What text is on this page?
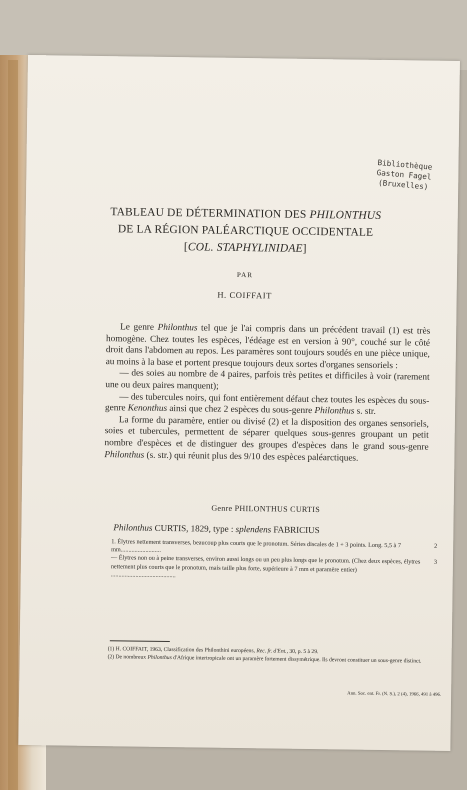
Bibliothèque
Gaston Fagel
(Bruxelles)
TABLEAU DE DÉTERMINATION DES PHILONTHUS
DE LA RÉGION PALÉARCTIQUE OCCIDENTALE
[COL. STAPHYLINIDAE]
PAR
H. COIFFAIT

Le genre Philonthus tel que je l'ai compris dans un précédent travail (1) est très homogène. Chez toutes les espèces, l'édéage est en version à 90°, couché sur le côté droit dans l'abdomen au repos. Les paramères sont toujours soudés en une pièce unique, au moins à la base et portent presque toujours deux sortes d'organes sensoriels :

— des soies au nombre de 4 paires, parfois très petites et difficiles à voir (rarement une ou deux paires manquent);

— des tubercules noirs, qui font entièrement défaut chez toutes les espèces du sous-genre Kenonthus ainsi que chez 2 espèces du sous-genre Philonthus s. str.

La forme du paramère, entier ou divisé (2) et la disposition des organes sensoriels, soies et tubercules, permettent de séparer quelques sous-genres groupant un petit nombre d'espèces et de distinguer des groupes d'espèces dans le grand sous-genre Philonthus (s. str.) qui réunit plus des 9/10 des espèces paléarctiques.

Genre PHILONTHUS CURTIS
Philonthus CURTIS, 1829, type : splendens FABRICIUS
1. Élytres nettement transverses, beaucoup plus courts que le pronotum. Séries discales de 1 + 3 points. Long. 5,5 à 7 mm..........................
2
— Élytres non ou à peine transverses, environ aussi longs ou un peu plus longs que le pronotum. (Chez deux espèces, élytres nettement plus courts que le pronotum, mais taille plus forte, supérieure à 7 mm et paramère entier) ..........................................
3
(1) H. COIFFAIT, 1963, Classification des Philonthini européens, Rec. fr. d'Ent., 30, p. 5 à 29.
(2) De nombreux Philonthus d'Afrique intertropicale ont un paramère fortement dissymétrique. Ils devront constituer un sous-genre distinct.
Ann. Soc. ent. Fr. (N. S.), 2 (4), 1966, 491 à 496.
